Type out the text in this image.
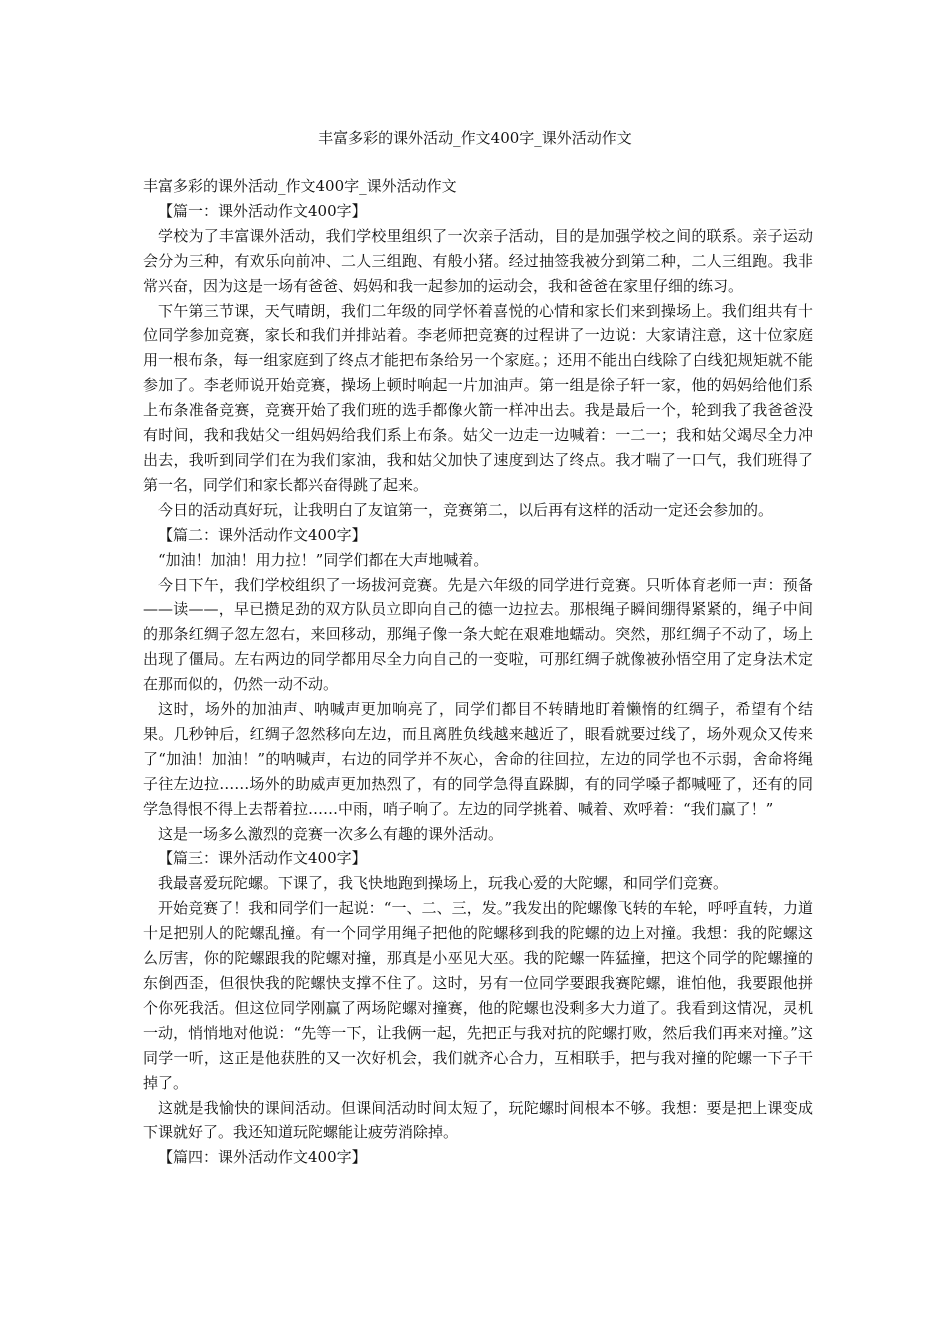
丰富多彩的课外活动_作文400字_课外活动作文

丰富多彩的课外活动_作文400字_课外活动作文

【篇一：课外活动作文400字】

学校为了丰富课外活动，我们学校里组织了一次亲子活动，目的是加强学校之间的联系。亲子运动会分为三种，有欢乐向前冲、二人三组跑、有般小猪。经过抽签我被分到第二种，二人三组跑。我非常兴奋，因为这是一场有爸爸、妈妈和我一起参加的运动会，我和爸爸在家里仔细的练习。

下午第三节课，天气晴朗，我们二年级的同学怀着喜悦的心情和家长们来到操场上。我们组共有十位同学参加竞赛，家长和我们并排站着。李老师把竞赛的过程讲了一边说：大家请注意，这十位家庭用一根布条，每一组家庭到了终点才能把布条给另一个家庭。；还用不能出白线除了白线犯规矩就不能参加了。李老师说开始竞赛，操场上顿时响起一片加油声。第一组是徐子轩一家，他的妈妈给他们系上布条准备竞赛，竞赛开始了我们班的选手都像火箭一样冲出去。我是最后一个，轮到我了我爸爸没有时间，我和我姑父一组妈妈给我们系上布条。姑父一边走一边喊着：一二一；我和姑父竭尽全力冲出去，我听到同学们在为我们家油，我和姑父加快了速度到达了终点。我才喘了一口气，我们班得了第一名，同学们和家长都兴奋得跳了起来。

今日的活动真好玩，让我明白了友谊第一，竞赛第二，以后再有这样的活动一定还会参加的。

【篇二：课外活动作文400字】

“加油！加油！用力拉！”同学们都在大声地喊着。

今日下午，我们学校组织了一场拔河竞赛。先是六年级的同学进行竞赛。只听体育老师一声：预备——读——，早已攒足劲的双方队员立即向自己的德一边拉去。那根绳子瞬间绷得紧紧的，绳子中间的那条红绸子忽左忽右，来回移动，那绳子像一条大蛇在艰难地蠕动。突然，那红绸子不动了，场上出现了僵局。左右两边的同学都用尽全力向自己的一变啦，可那红绸子就像被孙悟空用了定身法术定在那而似的，仍然一动不动。

这时，场外的加油声、呐喊声更加响亮了，同学们都目不转睛地盯着懒惰的红绸子，希望有个结果。几秒钟后，红绸子忽然移向左边，而且离胜负线越来越近了，眼看就要过线了，场外观众又传来了“加油！加油！”的呐喊声，右边的同学并不灰心，舍命的往回拉，左边的同学也不示弱，舍命将绳子往左边拉……场外的助威声更加热烈了，有的同学急得直跺脚，有的同学嗓子都喊哑了，还有的同学急得恨不得上去帮着拉……中雨，哨子响了。左边的同学挑着、喊着、欢呼着：“我们赢了！”

这是一场多么激烈的竞赛一次多么有趣的课外活动。

【篇三：课外活动作文400字】

我最喜爱玩陀螺。下课了，我飞快地跑到操场上，玩我心爱的大陀螺，和同学们竞赛。

开始竞赛了！我和同学们一起说：“一、二、三，发。”我发出的陀螺像飞转的车轮，呼呼直转，力道十足把别人的陀螺乱撞。有一个同学用绳子把他的陀螺移到我的陀螺的边上对撞。我想：我的陀螺这么厉害，你的陀螺跟我的陀螺对撞，那真是小巫见大巫。我的陀螺一阵猛撞，把这个同学的陀螺撞的东倒西歪，但很快我的陀螺快支撑不住了。这时，另有一位同学要跟我赛陀螺，谁怕他，我要跟他拼个你死我活。但这位同学刚赢了两场陀螺对撞赛，他的陀螺也没剩多大力道了。我看到这情况，灵机一动，悄悄地对他说：“先等一下，让我俩一起，先把正与我对抗的陀螺打败，然后我们再来对撞。”这同学一听，这正是他获胜的又一次好机会，我们就齐心合力，互相联手，把与我对撞的陀螺一下子干掉了。

这就是我愉快的课间活动。但课间活动时间太短了，玩陀螺时间根本不够。我想：要是把上课变成下课就好了。我还知道玩陀螺能让疲劳消除掉。

【篇四：课外活动作文400字】
